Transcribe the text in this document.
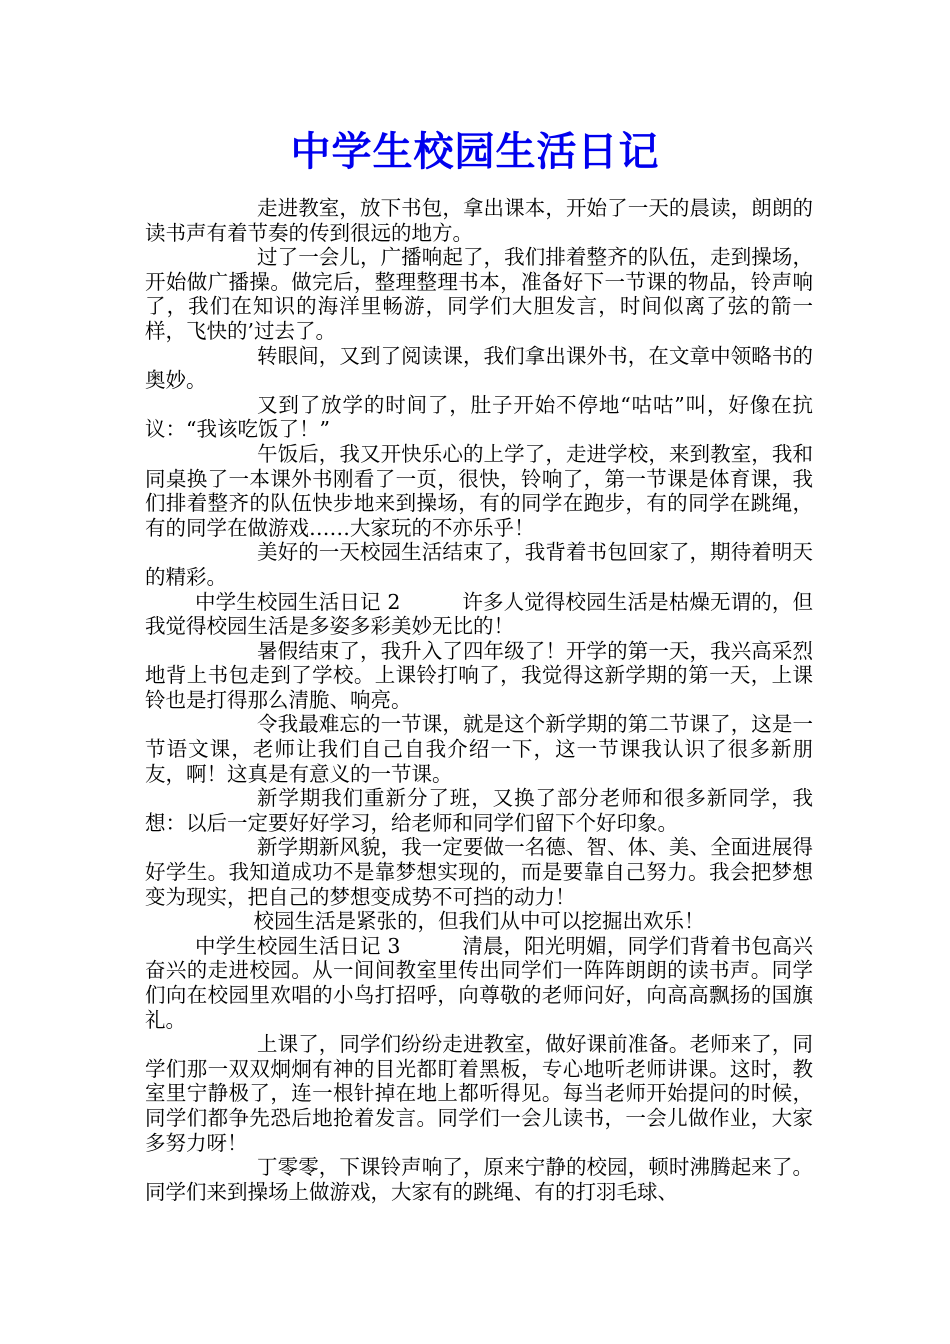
中学生校园生活日记

走进教室，放下书包，拿出课本，开始了一天的晨读，朗朗的读书声有着节奏的传到很远的地方。

过了一会儿，广播响起了，我们排着整齐的队伍，走到操场，开始做广播操。做完后，整理整理书本，准备好下一节课的物品，铃声响了，我们在知识的海洋里畅游，同学们大胆发言，时间似离了弦的箭一样，飞快的’过去了。

转眼间，又到了阅读课，我们拿出课外书，在文章中领略书的奥妙。

又到了放学的时间了，肚子开始不停地“咕咕”叫，好像在抗议：“我该吃饭了！”

午饭后，我又开快乐心的上学了，走进学校，来到教室，我和同桌换了一本课外书刚看了一页，很快，铃响了，第一节课是体育课，我们排着整齐的队伍快步地来到操场，有的同学在跑步，有的同学在跳绳，有的同学在做游戏……大家玩的不亦乐乎！

美好的一天校园生活结束了，我背着书包回家了，期待着明天的精彩。

中学生校园生活日记 2　　　许多人觉得校园生活是枯燥无谓的，但我觉得校园生活是多姿多彩美妙无比的！

暑假结束了，我升入了四年级了！开学的第一天，我兴高采烈地背上书包走到了学校。上课铃打响了，我觉得这新学期的第一天，上课铃也是打得那么清脆、响亮。

令我最难忘的一节课，就是这个新学期的第二节课了，这是一节语文课，老师让我们自己自我介绍一下，这一节课我认识了很多新朋友，啊！这真是有意义的一节课。

新学期我们重新分了班，又换了部分老师和很多新同学，我想：以后一定要好好学习，给老师和同学们留下个好印象。

新学期新风貌，我一定要做一名德、智、体、美、全面进展得好学生。我知道成功不是靠梦想实现的，而是要靠自己努力。我会把梦想变为现实，把自己的梦想变成势不可挡的动力！

校园生活是紧张的，但我们从中可以挖掘出欢乐！

中学生校园生活日记 3　　　清晨，阳光明媚，同学们背着书包高兴奋兴的走进校园。从一间间教室里传出同学们一阵阵朗朗的读书声。同学们向在校园里欢唱的小鸟打招呼，向尊敬的老师问好，向高高飘扬的国旗礼。

上课了，同学们纷纷走进教室，做好课前准备。老师来了，同学们那一双双炯炯有神的目光都盯着黑板，专心地听老师讲课。这时，教室里宁静极了，连一根针掉在地上都听得见。每当老师开始提问的时候，同学们都争先恐后地抢着发言。同学们一会儿读书，一会儿做作业，大家多努力呀！

丁零零，下课铃声响了，原来宁静的校园，顿时沸腾起来了。同学们来到操场上做游戏，大家有的跳绳、有的打羽毛球、
